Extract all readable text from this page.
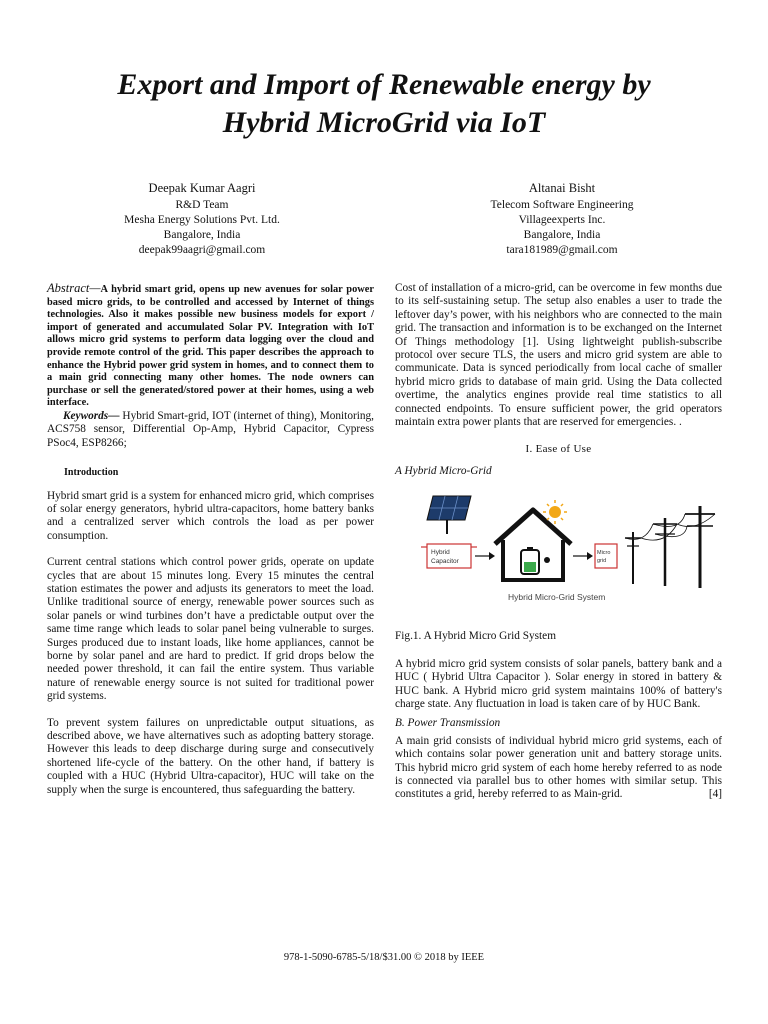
Export and Import of Renewable energy by
Hybrid MicroGrid via IoT
Deepak Kumar Aagri
R&D Team
Mesha Energy Solutions Pvt. Ltd.
Bangalore, India
deepak99aagri@gmail.com
Altanai Bisht
Telecom Software Engineering
Villageexperts Inc.
Bangalore, India
tara181989@gmail.com

Abstract—A hybrid smart grid, opens up new avenues for solar power based micro grids, to be controlled and accessed by Internet of things technologies. Also it makes possible new business models for export / import of generated and accumulated Solar PV. Integration with IoT allows micro grid systems to perform data logging over the cloud and provide remote control of the grid. This paper describes the approach to enhance the Hybrid power grid system in homes, and to connect them to a main grid connecting many other homes. The node owners can purchase or sell the generated/stored power at their homes, using a web interface.

Keywords— Hybrid Smart-grid, IOT (internet of thing), Monitoring, ACS758 sensor, Differential Op-Amp, Hybrid Capacitor, Cypress PSoc4, ESP8266;

Introduction

Hybrid smart grid is a system for enhanced micro grid, which comprises of solar energy generators, hybrid ultra-capacitors, home battery banks and a centralized server which controls the load as per power consumption.

Current central stations which control power grids, operate on update cycles that are about 15 minutes long. Every 15 minutes the central station estimates the power and adjusts its generators to meet the load. Unlike traditional source of energy, renewable power sources such as solar panels or wind turbines don’t have a predictable output over the same time range which leads to solar panel being vulnerable to surges. Surges produced due to instant loads, like home appliances, cannot be borne by solar panel and are hard to predict. If grid drops below the needed power threshold, it can fail the entire system. Thus variable nature of renewable energy source is not suited for traditional power grid systems.

To prevent system failures on unpredictable output situations, as described above, we have alternatives such as adopting battery storage. However this leads to deep discharge during surge and consecutively shortened life-cycle of the battery. On the other hand, if battery is coupled with a HUC (Hybrid Ultra-capacitor), HUC will take on the supply when the surge is encountered, thus safeguarding the battery.

Cost of installation of a micro-grid, can be overcome in few months due to its self-sustaining setup. The setup also enables a user to trade the leftover day’s power, with his neighbors who are connected to the main grid. The transaction and information is to be exchanged on the Internet Of Things methodology [1]. Using lightweight publish-subscribe protocol over secure TLS, the users and micro grid system are able to communicate. Data is synced periodically from local cache of smaller hybrid micro grids to database of main grid. Using the Data collected overtime, the analytics engines provide real time statistics to all connected endpoints. To ensure sufficient power, the grid operators maintain extra power plants that are reserved for emergencies. .

I. Ease of Use
A Hybrid Micro-Grid
Hybrid
Capacitor
Micro
grid
Hybrid Micro-Grid System
Fig.1. A Hybrid Micro Grid System

A hybrid micro grid system consists of solar panels, battery bank and a HUC ( Hybrid Ultra Capacitor ). Solar energy in stored in battery & HUC bank. A Hybrid micro grid system maintains 100% of battery's charge state. Any fluctuation in load is taken care of by HUC Bank.

B. Power Transmission

A main grid consists of individual hybrid micro grid systems, each of which contains solar power generation unit and battery storage units. This hybrid micro grid system of each home hereby referred to as node is connected via parallel bus to other homes with similar setup. This constitutes a grid, hereby referred to as Main-grid.	[4]

978-1-5090-6785-5/18/$31.00 © 2018 by IEEE
